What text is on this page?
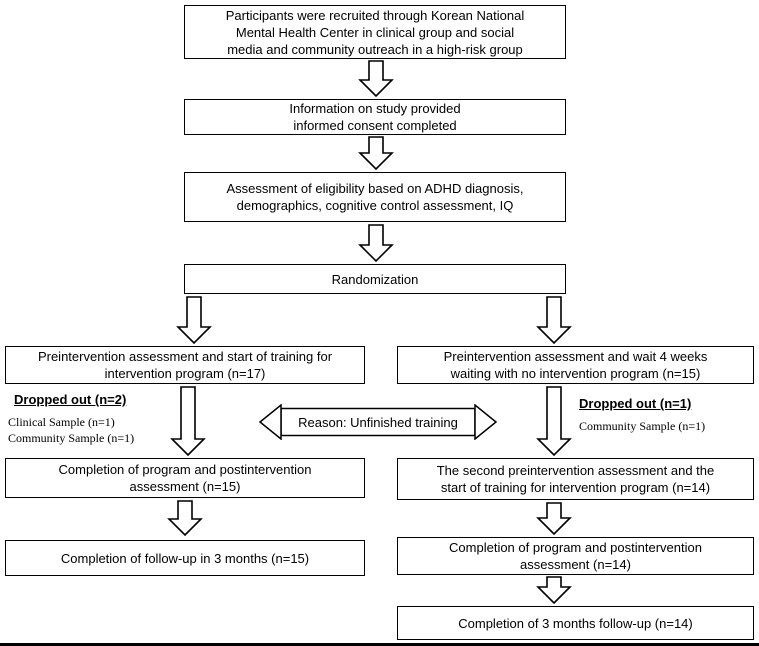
Participants were recruited through Korean National
Mental Health Center in clinical group and social
media and community outreach in a high-risk group
Information on study provided
informed consent completed
Assessment of eligibility based on ADHD diagnosis,
demographics, cognitive control assessment, IQ
Randomization
Preintervention assessment and start of training for
intervention program (n=17)
Dropped out (n=2)
Clinical Sample (n=1)
Community Sample (n=1)
Completion of program and postintervention
assessment (n=15)
Completion of follow-up in 3 months (n=15)
Reason: Unfinished training
Preintervention assessment and wait 4 weeks
waiting with no intervention program (n=15)
Dropped out (n=1)
Community Sample (n=1)
The second preintervention assessment and the
start of training for intervention program (n=14)
Completion of program and postintervention
assessment (n=14)
Completion of 3 months follow-up (n=14)
